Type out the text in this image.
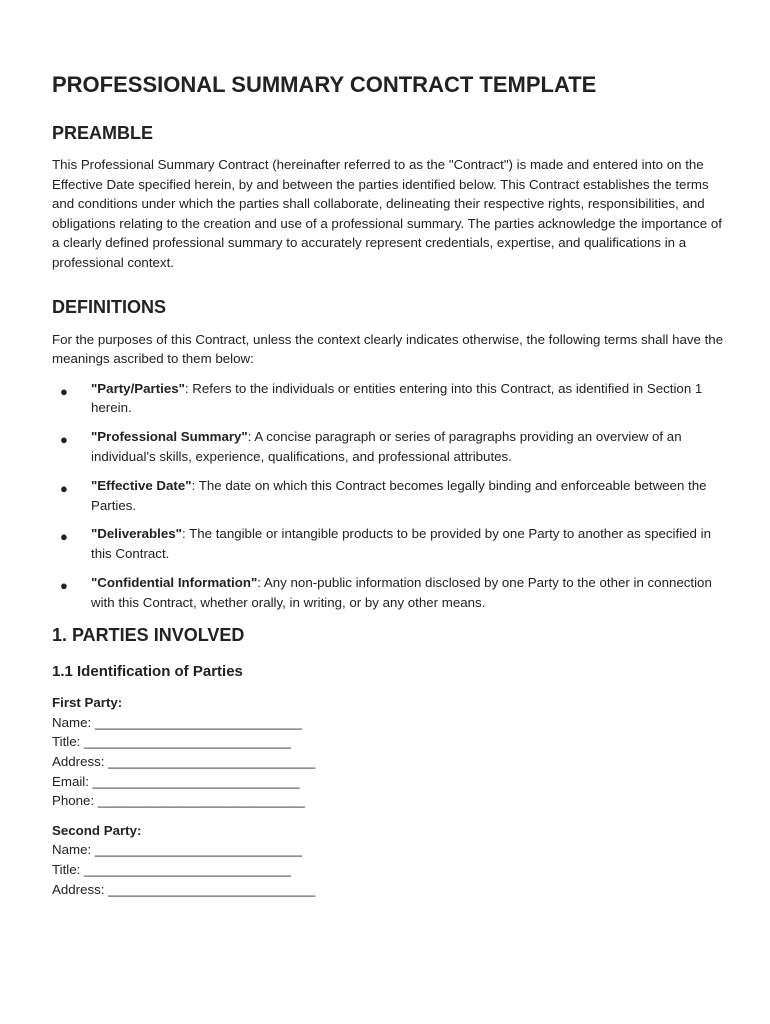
PROFESSIONAL SUMMARY CONTRACT TEMPLATE
PREAMBLE

This Professional Summary Contract (hereinafter referred to as the "Contract") is made and entered into on the Effective Date specified herein, by and between the parties identified below. This Contract establishes the terms and conditions under which the parties shall collaborate, delineating their respective rights, responsibilities, and obligations relating to the creation and use of a professional summary. The parties acknowledge the importance of a clearly defined professional summary to accurately represent credentials, expertise, and qualifications in a professional context.

DEFINITIONS

For the purposes of this Contract, unless the context clearly indicates otherwise, the following terms shall have the meanings ascribed to them below:

● "Party/Parties": Refers to the individuals or entities entering into this Contract, as identified in Section 1 herein.
● "Professional Summary": A concise paragraph or series of paragraphs providing an overview of an individual's skills, experience, qualifications, and professional attributes.
● "Effective Date": The date on which this Contract becomes legally binding and enforceable between the Parties.
● "Deliverables": The tangible or intangible products to be provided by one Party to another as specified in this Contract.
● "Confidential Information": Any non-public information disclosed by one Party to the other in connection with this Contract, whether orally, in writing, or by any other means.
1. PARTIES INVOLVED
1.1 Identification of Parties
First Party:
Name: ____________________________
Title: ____________________________
Address: ____________________________
Email: ____________________________
Phone: ____________________________
Second Party:
Name: ____________________________
Title: ____________________________
Address: ____________________________
